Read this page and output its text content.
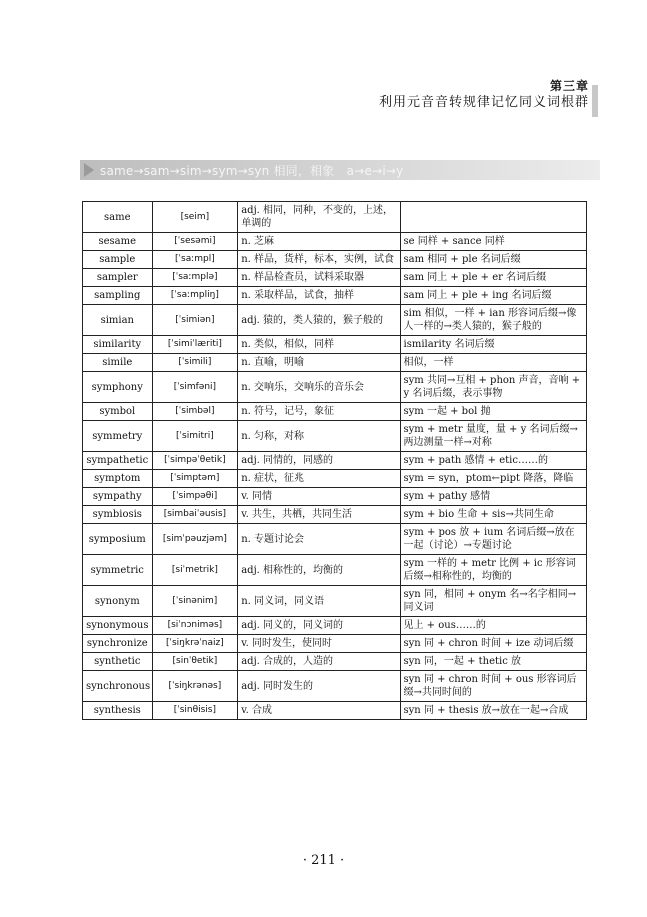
第三章
利用元音音转规律记忆同义词根群
same→sam→sim→sym→syn 相同，相象　a→e→i→y
same	[seim]	adj. 相同，同种，不变的，上述，单调的	
sesame	[ˈsesəmi]	n. 芝麻	se 同样 + sance 同样
sample	[ˈsaːmpl]	n. 样品，货样，标本，实例，试食	sam 相同 + ple 名词后缀
sampler	[ˈsaːmplə]	n. 样品检查员，试料采取器	sam 同上 + ple + er 名词后缀
sampling	[ˈsaːmpliŋ]	n. 采取样品，试食，抽样	sam 同上 + ple + ing 名词后缀
simian	[ˈsimiən]	adj. 猿的，类人猿的，猴子般的	sim 相似，一样 + ian 形容词后缀→像人一样的→类人猿的，猴子般的
similarity	[ˈsimiˈlæriti]	n. 类似，相似，同样	ismilarity 名词后缀
simile	[ˈsimili]	n. 直喻，明喻	相似，一样
symphony	[ˈsimfəni]	n. 交响乐，交响乐的音乐会	sym 共同→互相 + phon 声音，音响 + y 名词后缀，表示事物
symbol	[ˈsimbəl]	n. 符号，记号，象征	sym 一起 + bol 抛
symmetry	[ˈsimitri]	n. 匀称，对称	sym + metr 量度，量 + y 名词后缀→两边测量一样→对称
sympathetic	[ˈsimpəˈθetik]	adj. 同情的，同感的	sym + path 感情 + etic……的
symptom	[ˈsimptəm]	n. 症状，征兆	sym = syn，ptom←pipt 降落，降临
sympathy	[ˈsimpəθi]	v. 同情	sym + pathy 感情
symbiosis	[simbaiˈəusis]	v. 共生，共栖，共同生活	sym + bio 生命 + sis→共同生命
symposium	[simˈpəuzjəm]	n. 专题讨论会	sym + pos 放 + ium 名词后缀→放在一起（讨论）→专题讨论
symmetric	[siˈmetrik]	adj. 相称性的，均衡的	sym 一样的 + metr 比例 + ic 形容词后缀→相称性的，均衡的
synonym	[ˈsinənim]	n. 同义词，同义语	syn 同，相同 + onym 名→名字相同→同义词
synonymous	[siˈnɔniməs]	adj. 同义的，同义词的	见上 + ous……的
synchronize	[ˈsiŋkrəˈnaiz]	v. 同时发生，使同时	syn 同 + chron 时间 + ize 动词后缀
synthetic	[sinˈθetik]	adj. 合成的，人造的	syn 同，一起 + thetic 放
synchronous	[ˈsiŋkrənəs]	adj. 同时发生的	syn 同 + chron 时间 + ous 形容词后缀→共同时间的
synthesis	[ˈsinθisis]	v. 合成	syn 同 + thesis 放→放在一起→合成
· 211 ·
